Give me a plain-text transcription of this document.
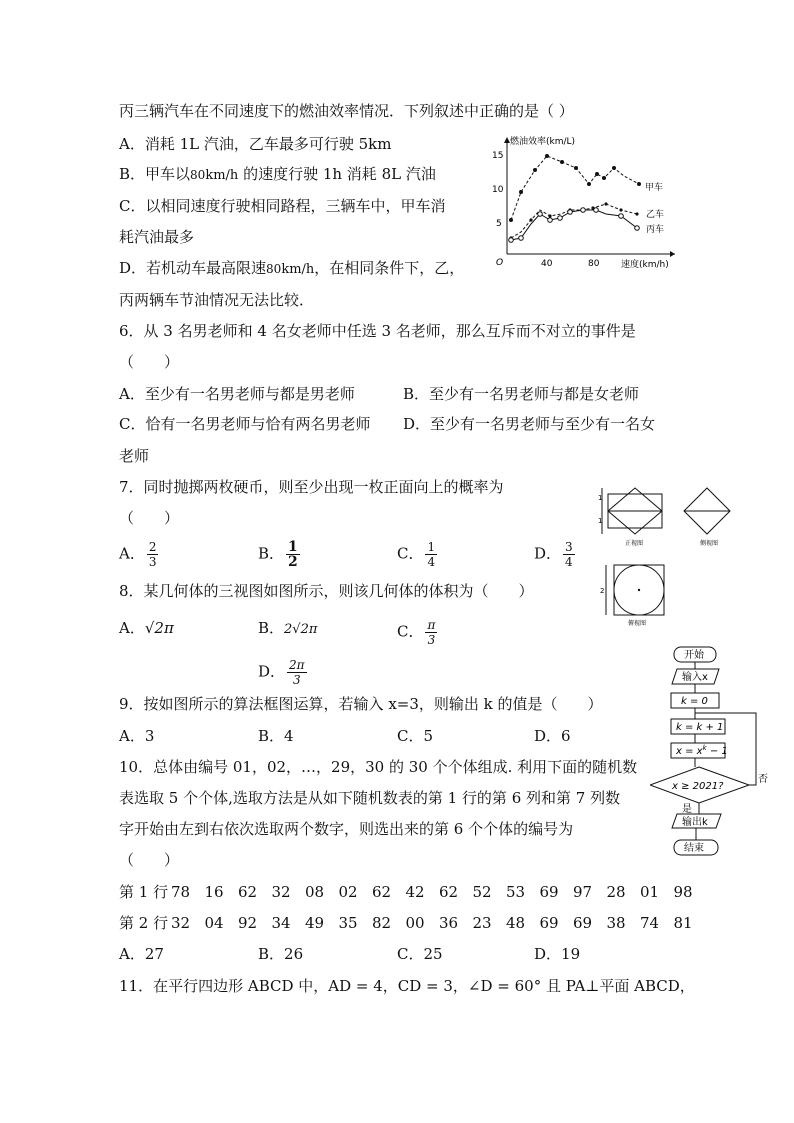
丙三辆汽车在不同速度下的燃油效率情况．下列叙述中正确的是（ ）
A．消耗 1L 汽油，乙车最多可行驶 5km
B．甲车以80km/h 的速度行驶 1h 消耗 8L 汽油
C．以相同速度行驶相同路程，三辆车中，甲车消
耗汽油最多
D．若机动车最高限速80km/h，在相同条件下，乙，
丙两辆车节油情况无法比较．
燃油效率(km/L)
速度(km/h)
O
15
10
5
40	80
甲车
乙车
丙车
6．从 3 名男老师和 4 名女老师中任选 3 名老师，那么互斥而不对立的事件是
（　　）
A．至少有一名男老师与都是男老师	B．至少有一名男老师与都是女老师
C．恰有一名男老师与恰有两名男老师 D．至少有一名男老师与至少有一名女
老师
7．同时抛掷两枚硬币，则至少出现一枚正面向上的概率为
（　　）
A． $\frac{2}{3}$	B． $\frac{1}{2}$	C． $\frac{1}{4}$	D． $\frac{3}{4}$
1
1
正视图	侧视图
2
俯视图
8．某几何体的三视图如图所示，则该几何体的体积为（　　）
A．√2π	B．2√2π	C． $\frac{\pi}{3}$
D． $\frac{2\pi}{3}$
开始
输入x
k = 0
k = k + 1
$x = x^k - 1$
x ≥ 2021?
否
是
输出k
结束
9．按如图所示的算法框图运算，若输入 x=3，则输出 k 的值是（　　）
A．3	B．4	C．5	D．6
10．总体由编号 01，02，…，29，30 的 30 个个体组成. 利用下面的随机数
表选取 5 个个体,选取方法是从如下随机数表的第 1 行的第 6 列和第 7 列数
字开始由左到右依次选取两个数字，则选出来的第 6 个个体的编号为
（　　）
第 1 行 78 16 62 32 08 02 62 42 62 52 53 69 97 28 01 98
第 2 行 32 04 92 34 49 35 82 00 36 23 48 69 69 38 74 81
A．27	B．26	C．25	D．19
11．在平行四边形 ABCD 中，AD = 4，CD = 3，∠D = 60° 且 PA⊥平面 ABCD，
